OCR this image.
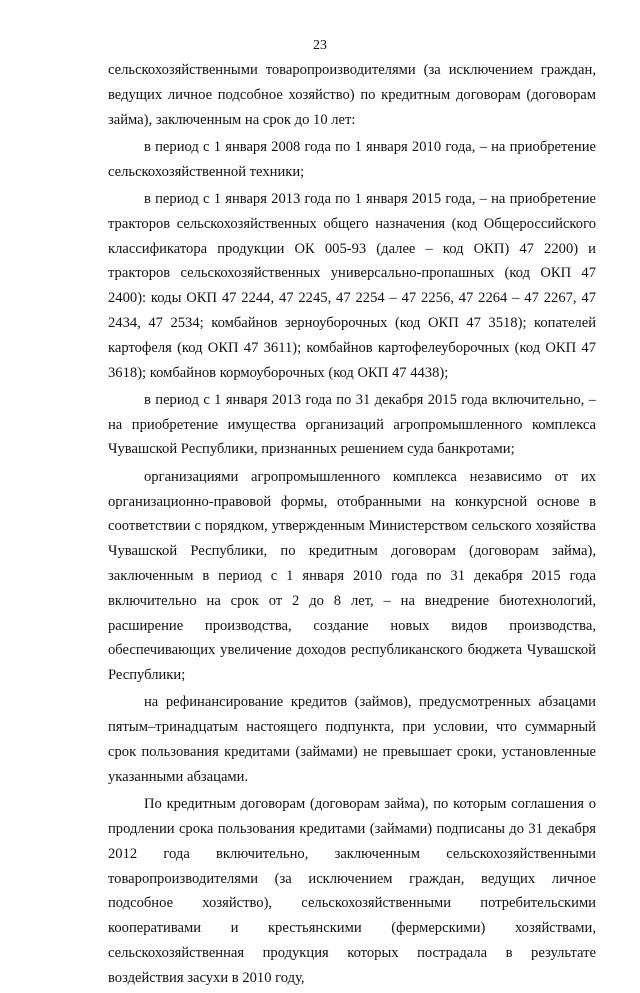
23

сельскохозяйственными товаропроизводителями (за исключением граждан, ведущих личное подсобное хозяйство) по кредитным договорам (договорам займа), заключенным на срок до 10 лет:

в период с 1 января 2008 года по 1 января 2010 года, – на приобретение сельскохозяйственной техники;

в период с 1 января 2013 года по 1 января 2015 года, – на приобретение тракторов сельскохозяйственных общего назначения (код Общероссийского классификатора продукции ОК 005-93 (далее – код ОКП) 47 2200) и тракторов сельскохозяйственных универсально-пропашных (код ОКП 47 2400): коды ОКП 47 2244, 47 2245, 47 2254 – 47 2256, 47 2264 – 47 2267, 47 2434, 47 2534; комбайнов зерноуборочных (код ОКП 47 3518); копателей картофеля (код ОКП 47 3611); комбайнов картофелеуборочных (код ОКП 47 3618); комбайнов кормоуборочных (код ОКП 47 4438);

в период с 1 января 2013 года по 31 декабря 2015 года включительно, – на приобретение имущества организаций агропромышленного комплекса Чувашской Республики, признанных решением суда банкротами;

организациями агропромышленного комплекса независимо от их организационно-правовой формы, отобранными на конкурсной основе в соответствии с порядком, утвержденным Министерством сельского хозяйства Чувашской Республики, по кредитным договорам (договорам займа), заключенным в период с 1 января 2010 года по 31 декабря 2015 года включительно на срок от 2 до 8 лет, – на внедрение биотехнологий, расширение производства, создание новых видов производства, обеспечивающих увеличение доходов республиканского бюджета Чувашской Республики;

на рефинансирование кредитов (займов), предусмотренных абзацами пятым–тринадцатым настоящего подпункта, при условии, что суммарный срок пользования кредитами (займами) не превышает сроки, установленные указанными абзацами.

По кредитным договорам (договорам займа), по которым соглашения о продлении срока пользования кредитами (займами) подписаны до 31 декабря 2012 года включительно, заключенным сельскохозяйственными товаропроизводителями (за исключением граждан, ведущих личное подсобное хозяйство), сельскохозяйственными потребительскими кооперативами и крестьянскими (фермерскими) хозяйствами, сельскохозяйственная продукция которых пострадала в результате воздействия засухи в 2010 году,
